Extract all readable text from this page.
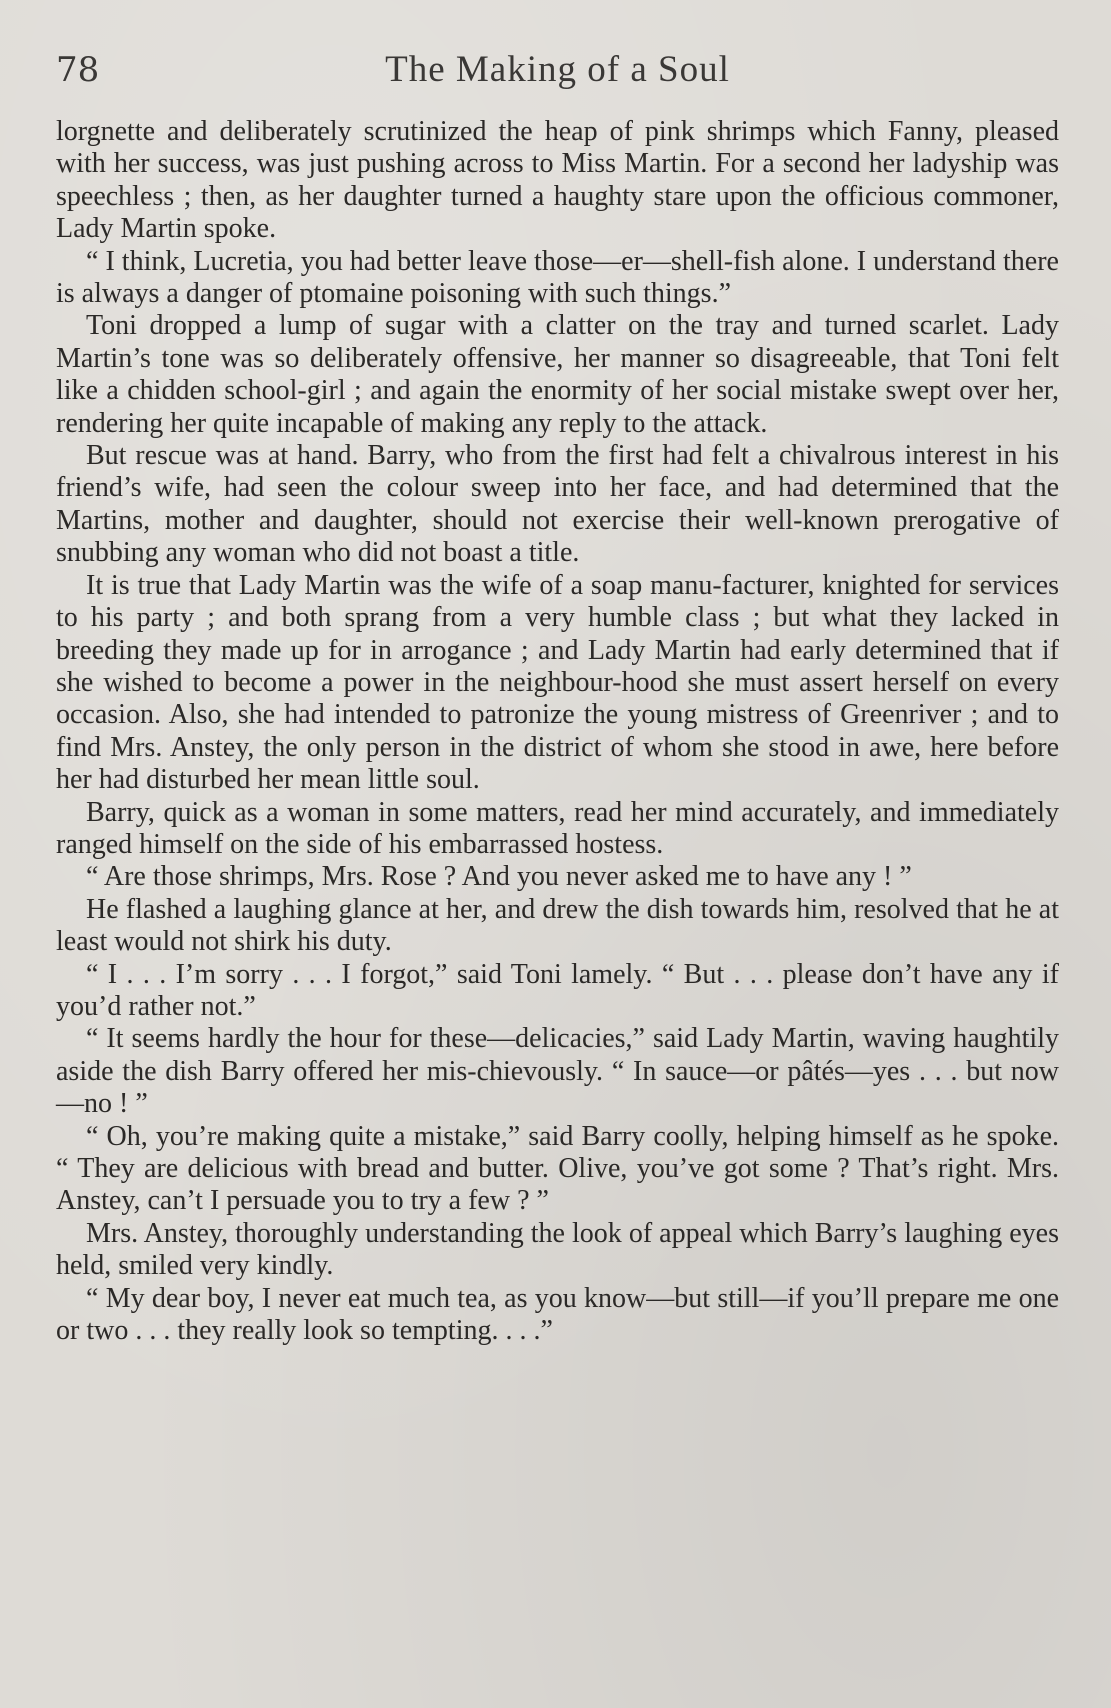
78	The Making of a Soul

lorgnette and deliberately scrutinized the heap of pink shrimps which Fanny, pleased with her success, was just pushing across to Miss Martin. For a second her ladyship was speechless ; then, as her daughter turned a haughty stare upon the officious commoner, Lady Martin spoke.

“ I think, Lucretia, you had better leave those—er—shell-fish alone. I understand there is always a danger of ptomaine poisoning with such things.”

Toni dropped a lump of sugar with a clatter on the tray and turned scarlet. Lady Martin’s tone was so deliberately offensive, her manner so disagreeable, that Toni felt like a chidden school-girl ; and again the enormity of her social mistake swept over her, rendering her quite incapable of making any reply to the attack.

But rescue was at hand. Barry, who from the first had felt a chivalrous interest in his friend’s wife, had seen the colour sweep into her face, and had determined that the Martins, mother and daughter, should not exercise their well-known prerogative of snubbing any woman who did not boast a title.

It is true that Lady Martin was the wife of a soap manu-facturer, knighted for services to his party ; and both sprang from a very humble class ; but what they lacked in breeding they made up for in arrogance ; and Lady Martin had early determined that if she wished to become a power in the neighbour-hood she must assert herself on every occasion. Also, she had intended to patronize the young mistress of Greenriver ; and to find Mrs. Anstey, the only person in the district of whom she stood in awe, here before her had disturbed her mean little soul.

Barry, quick as a woman in some matters, read her mind accurately, and immediately ranged himself on the side of his embarrassed hostess.

“ Are those shrimps, Mrs. Rose ? And you never asked me to have any ! ”

He flashed a laughing glance at her, and drew the dish towards him, resolved that he at least would not shirk his duty.

“ I . . . I’m sorry . . . I forgot,” said Toni lamely. “ But . . . please don’t have any if you’d rather not.”

“ It seems hardly the hour for these—delicacies,” said Lady Martin, waving haughtily aside the dish Barry offered her mis-chievously. “ In sauce—or pâtés—yes . . . but now—no ! ”

“ Oh, you’re making quite a mistake,” said Barry coolly, helping himself as he spoke. “ They are delicious with bread and butter. Olive, you’ve got some ? That’s right. Mrs. Anstey, can’t I persuade you to try a few ? ”

Mrs. Anstey, thoroughly understanding the look of appeal which Barry’s laughing eyes held, smiled very kindly.

“ My dear boy, I never eat much tea, as you know—but still—if you’ll prepare me one or two . . . they really look so tempting. . . .”
